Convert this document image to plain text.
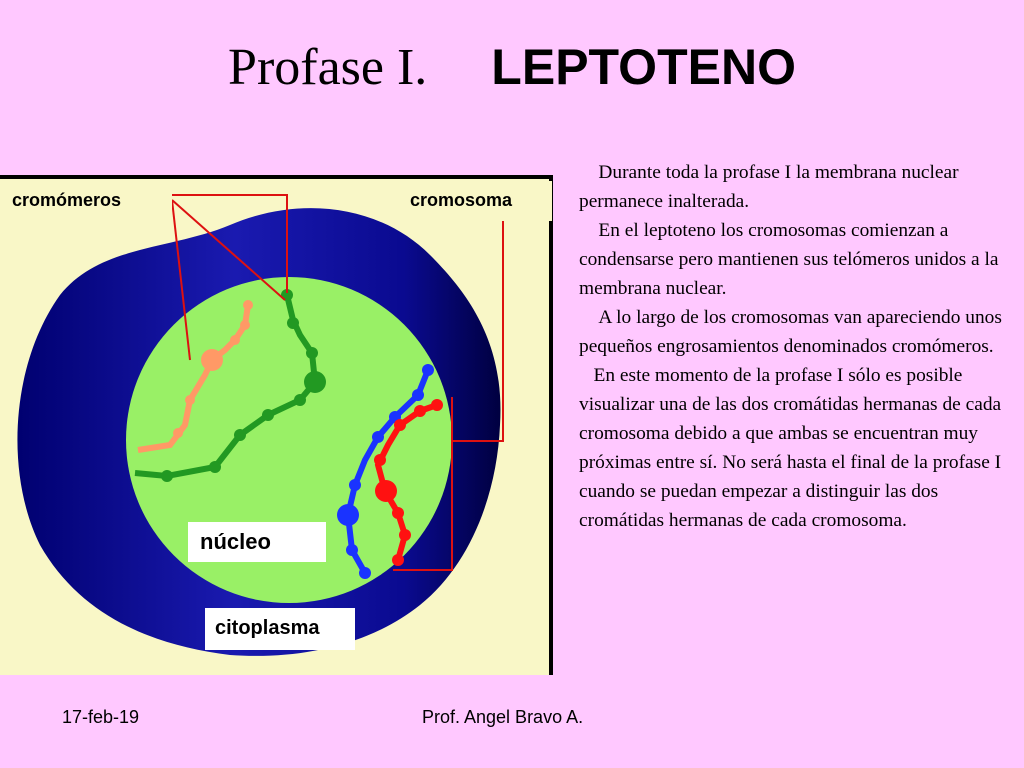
Profase I. LEPTOTENO
cromómeros	cromosoma
núcleo
citoplasma

Durante toda la profase I la membrana nuclear permanece inalterada.

En el leptoteno los cromosomas comienzan a condensarse pero mantienen sus telómeros unidos a la membrana nuclear.

A lo largo de los cromosomas van apareciendo unos pequeños engrosamientos denominados cromómeros.

En este momento de la profase I sólo es posible visualizar una de las dos cromátidas hermanas de cada cromosoma debido a que ambas se encuentran muy próximas entre sí. No será hasta el final de la profase I cuando se puedan empezar a distinguir las dos cromátidas hermanas de cada cromosoma.

17-feb-19	Prof. Angel Bravo A.
